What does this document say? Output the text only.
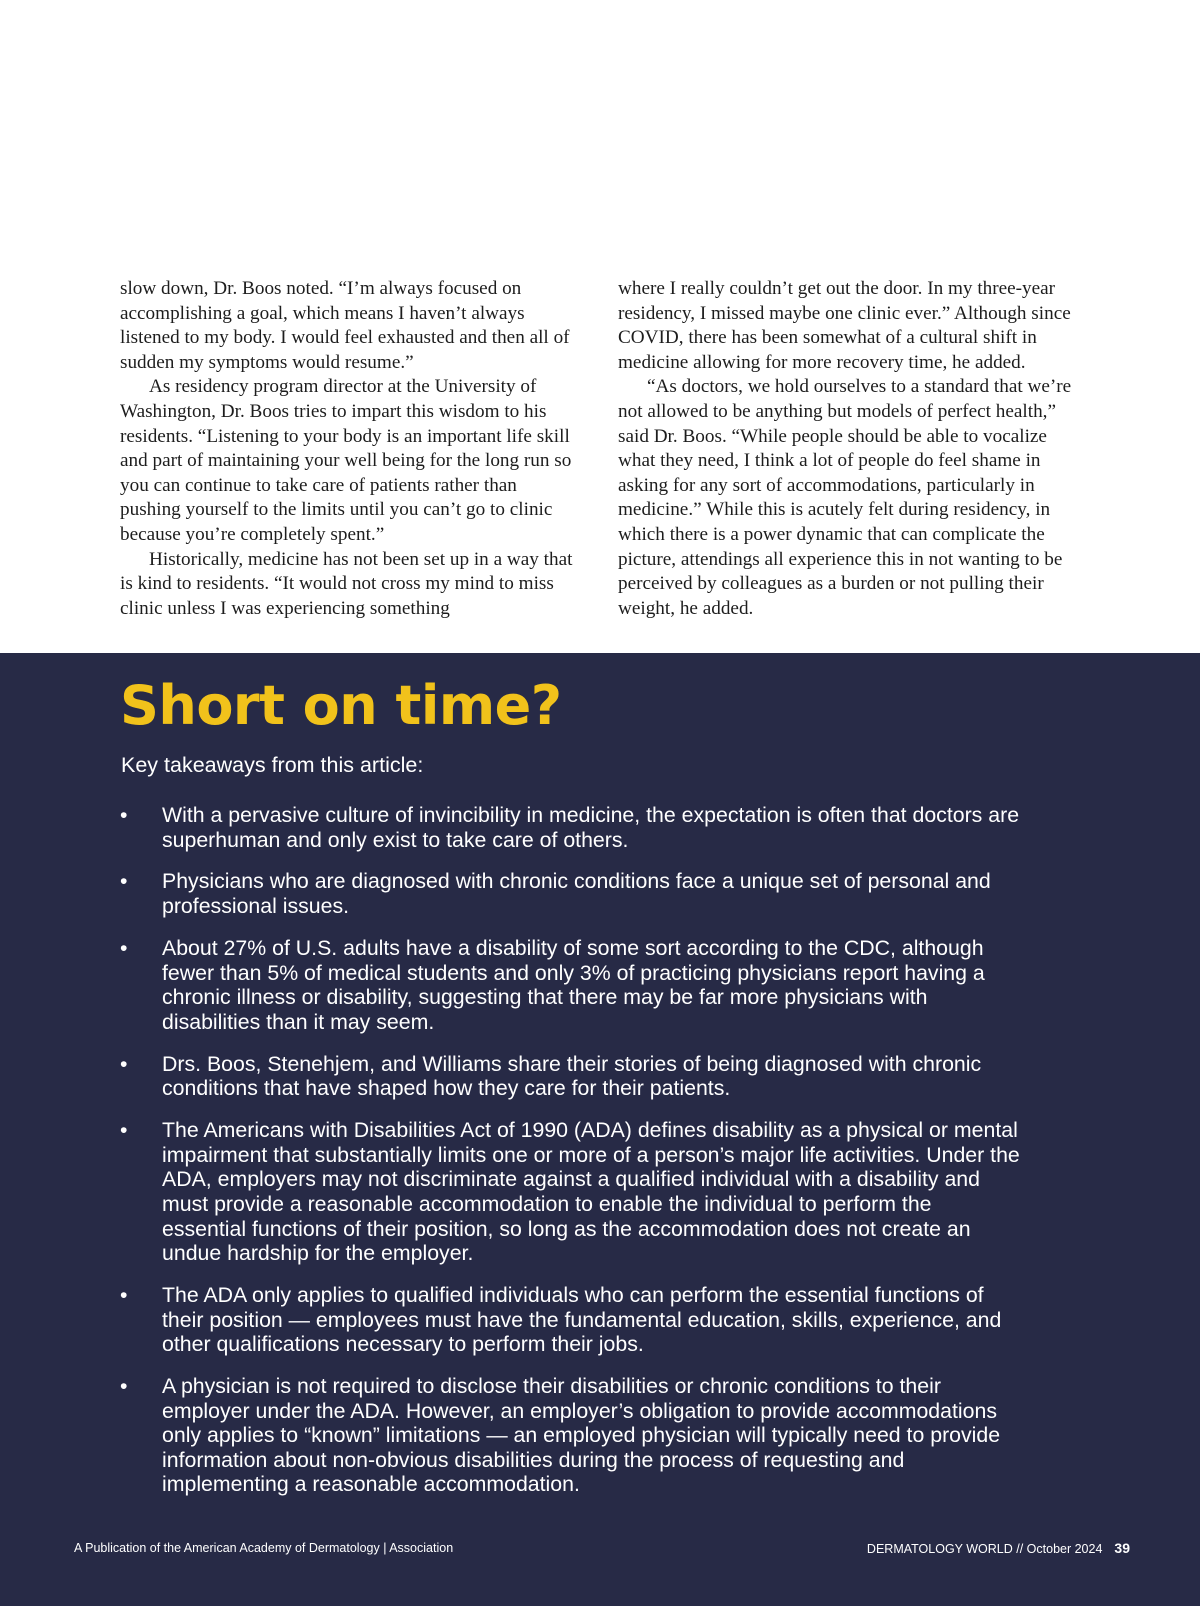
slow down, Dr. Boos noted. “I’m always focused on accomplishing a goal, which means I haven’t always listened to my body. I would feel exhausted and then all of sudden my symptoms would resume.”

As residency program director at the University of Washington, Dr. Boos tries to impart this wisdom to his residents. “Listening to your body is an important life skill and part of maintaining your well being for the long run so you can continue to take care of patients rather than pushing yourself to the limits until you can’t go to clinic because you’re completely spent.”

Historically, medicine has not been set up in a way that is kind to residents. “It would not cross my mind to miss clinic unless I was experiencing something

where I really couldn’t get out the door. In my three-year residency, I missed maybe one clinic ever.” Although since COVID, there has been somewhat of a cultural shift in medicine allowing for more recovery time, he added.

“As doctors, we hold ourselves to a standard that we’re not allowed to be anything but models of perfect health,” said Dr. Boos. “While people should be able to vocalize what they need, I think a lot of people do feel shame in asking for any sort of accommodations, particularly in medicine.” While this is acutely felt during residency, in which there is a power dynamic that can complicate the picture, attendings all experience this in not wanting to be perceived by colleagues as a burden or not pulling their weight, he added.

Short on time?

Key takeaways from this article:

•	With a pervasive culture of invincibility in medicine, the expectation is often that doctors are superhuman and only exist to take care of others.
•	Physicians who are diagnosed with chronic conditions face a unique set of personal and professional issues.
•	About 27% of U.S. adults have a disability of some sort according to the CDC, although fewer than 5% of medical students and only 3% of practicing physicians report having a chronic illness or disability, suggesting that there may be far more physicians with disabilities than it may seem.
•	Drs. Boos, Stenehjem, and Williams share their stories of being diagnosed with chronic conditions that have shaped how they care for their patients.
•	The Americans with Disabilities Act of 1990 (ADA) defines disability as a physical or mental impairment that substantially limits one or more of a person’s major life activities. Under the ADA, employers may not discriminate against a qualified individual with a disability and must provide a reasonable accommodation to enable the individual to perform the essential functions of their position, so long as the accommodation does not create an undue hardship for the employer.
•	The ADA only applies to qualified individuals who can perform the essential functions of their position — employees must have the fundamental education, skills, experience, and other qualifications necessary to perform their jobs.
•	A physician is not required to disclose their disabilities or chronic conditions to their employer under the ADA. However, an employer’s obligation to provide accommodations only applies to “known” limitations — an employed physician will typically need to provide information about non-obvious disabilities during the process of requesting and implementing a reasonable accommodation.
A Publication of the American Academy of Dermatology | Association	DERMATOLOGY WORLD // October 2024 39
